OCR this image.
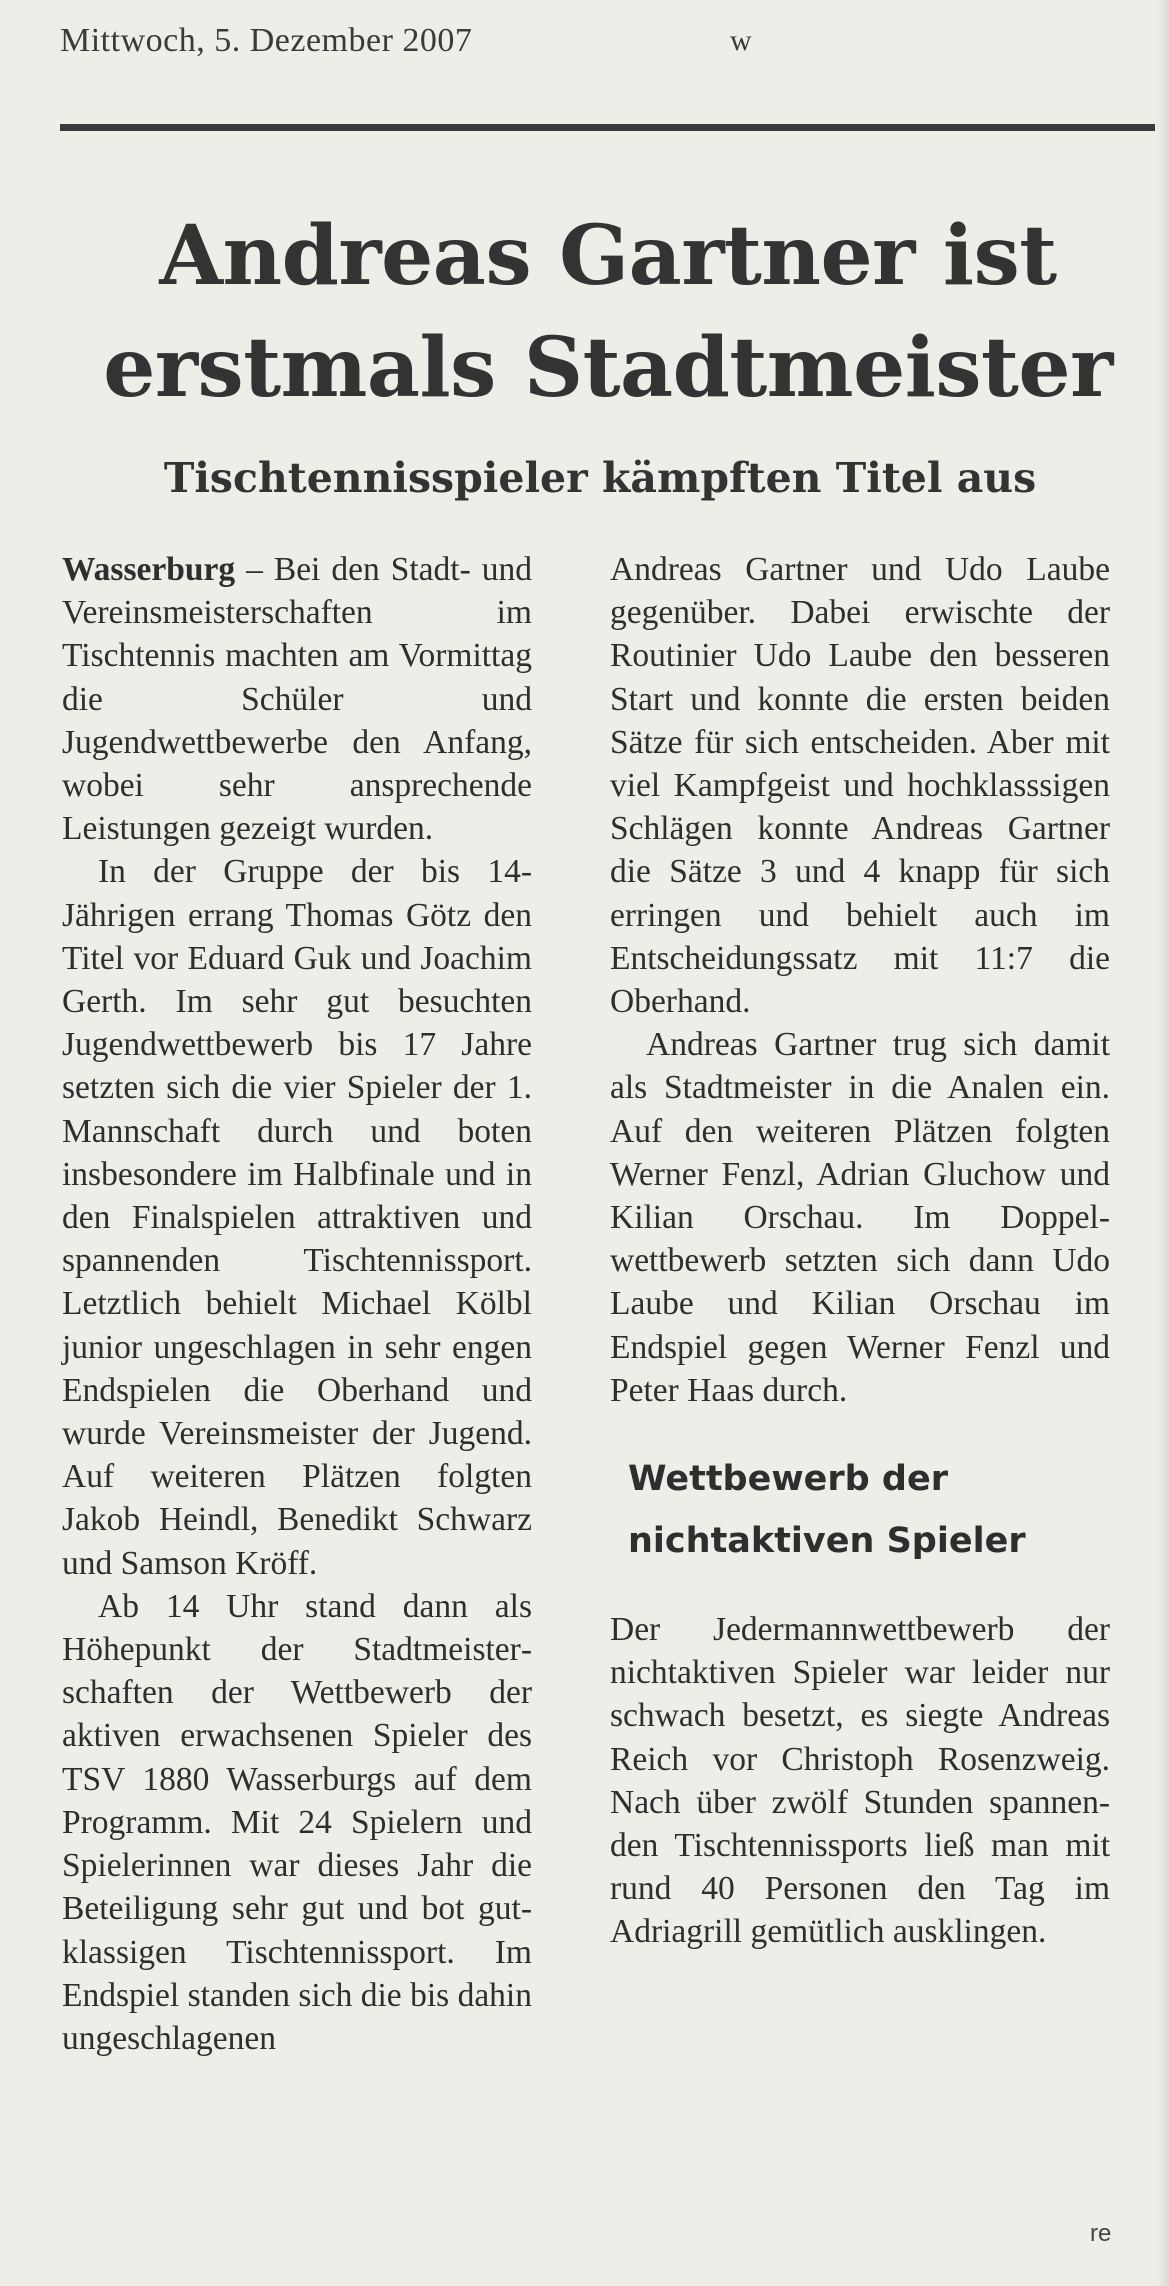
Mittwoch, 5. Dezember 2007	w
Andreas Gartner ist
erstmals Stadtmeister
Tischtennisspieler kämpften Titel aus

Wasserburg – Bei den Stadt- und Vereinsmeisterschaften im Tischtennis machten am Vormittag die Schüler und Jugendwettbewerbe den Anfang, wobei sehr ansprechende Leistungen gezeigt wurden.

In der Gruppe der bis 14-Jährigen errang Thomas Götz den Titel vor Eduard Guk und Joachim Gerth. Im sehr gut besuchten Jugendwettbewerb bis 17 Jahre setzten sich die vier Spieler der 1. Mannschaft durch und boten insbesondere im Halbfinale und in den Finalspielen attraktiven und spannenden Tischtennissport. Letztlich behielt Michael Kölbl junior ungeschlagen in sehr engen Endspielen die Oberhand und wurde Vereinsmeister der Jugend. Auf weiteren Plätzen folgten Jakob Heindl, Benedikt Schwarz und Samson Kröff.

Ab 14 Uhr stand dann als Höhepunkt der Stadtmeisterschaften der Wettbewerb der aktiven erwachsenen Spieler des TSV 1880 Wasserburgs auf dem Programm. Mit 24 Spielern und Spielerinnen war dieses Jahr die Beteiligung sehr gut und bot gutklassigen Tischtennissport. Im Endspiel standen sich die bis dahin ungeschlagenen

Andreas Gartner und Udo Laube gegenüber. Dabei erwischte der Routinier Udo Laube den besseren Start und konnte die ersten beiden Sätze für sich entscheiden. Aber mit viel Kampfgeist und hochklasssigen Schlägen konnte Andreas Gartner die Sätze 3 und 4 knapp für sich erringen und behielt auch im Entscheidungssatz mit 11:7 die Oberhand.

Andreas Gartner trug sich damit als Stadtmeister in die Analen ein. Auf den weiteren Plätzen folgten Werner Fenzl, Adrian Gluchow und Kilian Orschau. Im Doppelwettbewerb setzten sich dann Udo Laube und Kilian Orschau im Endspiel gegen Werner Fenzl und Peter Haas durch.

Wettbewerb der
nichtaktiven Spieler

Der Jedermannwettbewerb der nichtaktiven Spieler war leider nur schwach besetzt, es siegte Andreas Reich vor Christoph Rosenzweig. Nach über zwölf Stunden spannenden Tischtennissports ließ man mit rund 40 Personen den Tag im Adriagrill gemütlich ausklingen.

re
